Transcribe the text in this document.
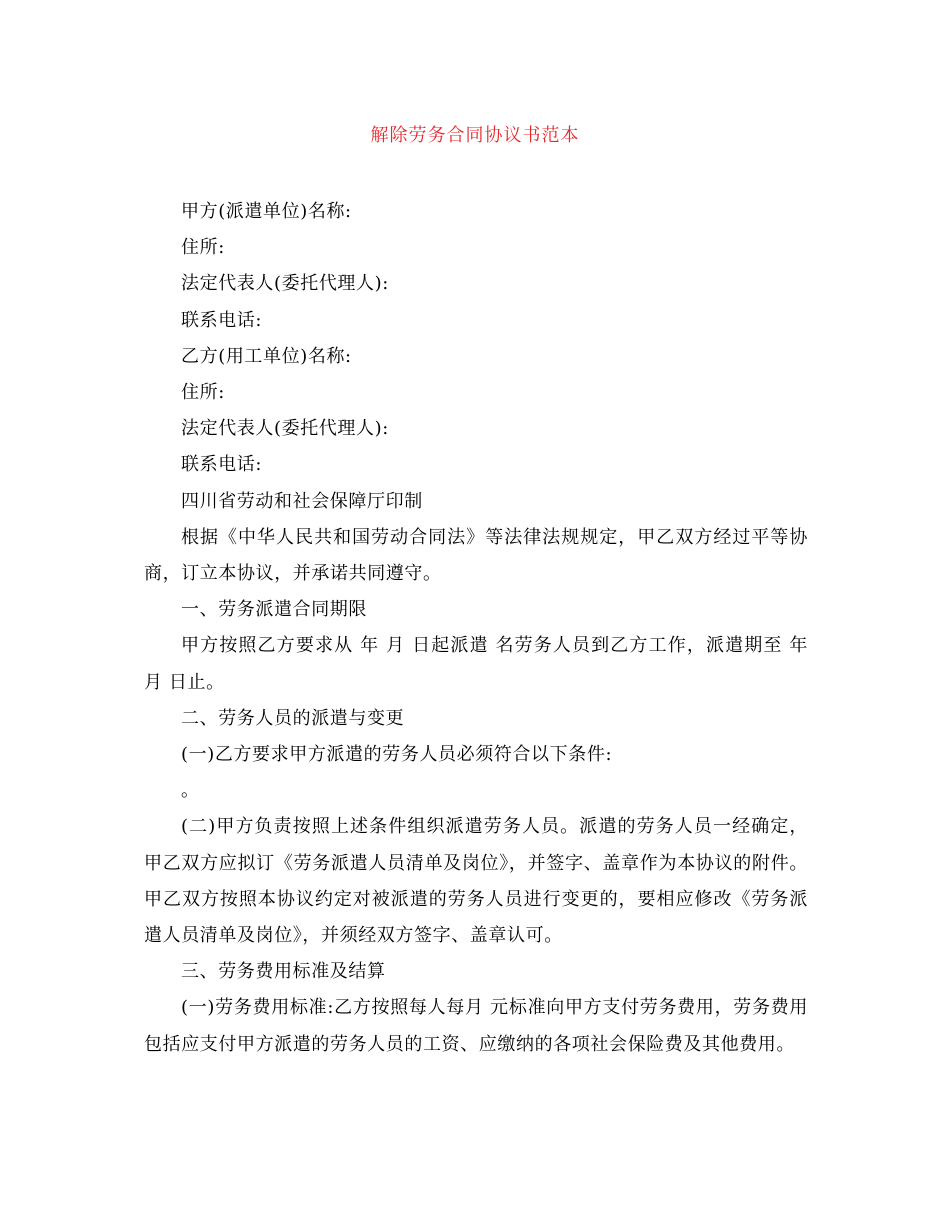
解除劳务合同协议书范本

甲方(派遣单位)名称:

住所:

法定代表人(委托代理人):

联系电话:

乙方(用工单位)名称:

住所:

法定代表人(委托代理人):

联系电话:

四川省劳动和社会保障厅印制

根据《中华人民共和国劳动合同法》等法律法规规定，甲乙双方经过平等协商，订立本协议，并承诺共同遵守。

一、劳务派遣合同期限

甲方按照乙方要求从 年 月 日起派遣 名劳务人员到乙方工作，派遣期至 年 月 日止。

二、劳务人员的派遣与变更

(一)乙方要求甲方派遣的劳务人员必须符合以下条件:

。

(二)甲方负责按照上述条件组织派遣劳务人员。派遣的劳务人员一经确定，甲乙双方应拟订《劳务派遣人员清单及岗位》，并签字、盖章作为本协议的附件。甲乙双方按照本协议约定对被派遣的劳务人员进行变更的，要相应修改《劳务派遣人员清单及岗位》，并须经双方签字、盖章认可。

三、劳务费用标准及结算

(一)劳务费用标准:乙方按照每人每月 元标准向甲方支付劳务费用，劳务费用包括应支付甲方派遣的劳务人员的工资、应缴纳的各项社会保险费及其他费用。
